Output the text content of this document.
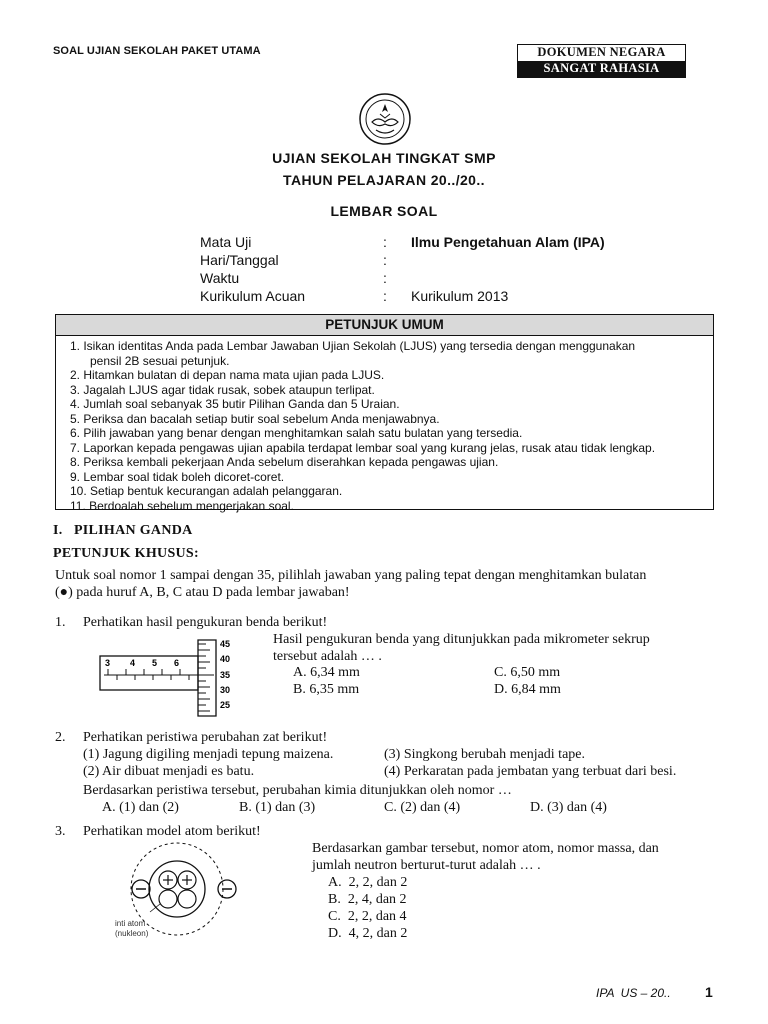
SOAL UJIAN SEKOLAH PAKET UTAMA	DOKUMEN NEGARA
SANGAT RAHASIA
UJIAN SEKOLAH TINGKAT SMP
TAHUN PELAJARAN 20../20..
LEMBAR SOAL
Mata Uji	:	Ilmu Pengetahuan Alam (IPA)
Hari/Tanggal	:
Waktu	:
Kurikulum Acuan	:	Kurikulum 2013
PETUNJUK UMUM
1. Isikan identitas Anda pada Lembar Jawaban Ujian Sekolah (LJUS) yang tersedia dengan menggunakan
pensil 2B sesuai petunjuk.
2. Hitamkan bulatan di depan nama mata ujian pada LJUS.
3. Jagalah LJUS agar tidak rusak, sobek ataupun terlipat.
4. Jumlah soal sebanyak 35 butir Pilihan Ganda dan 5 Uraian.
5. Periksa dan bacalah setiap butir soal sebelum Anda menjawabnya.
6. Pilih jawaban yang benar dengan menghitamkan salah satu bulatan yang tersedia.
7. Laporkan kepada pengawas ujian apabila terdapat lembar soal yang kurang jelas, rusak atau tidak lengkap.
8. Periksa kembali pekerjaan Anda sebelum diserahkan kepada pengawas ujian.
9. Lembar soal tidak boleh dicoret-coret.
10. Setiap bentuk kecurangan adalah pelanggaran.
11. Berdoalah sebelum mengerjakan soal.
I.   PILIHAN GANDA
PETUNJUK KHUSUS:
Untuk soal nomor 1 sampai dengan 35, pilihlah jawaban yang paling tepat dengan menghitamkan bulatan
(●) pada huruf A, B, C atau D pada lembar jawaban!
1. Perhatikan hasil pengukuran benda berikut!
3 4 5 6
45
40
35
30
25
Hasil pengukuran benda yang ditunjukkan pada mikrometer sekrup
tersebut adalah … .
A. 6,34 mm	C. 6,50 mm
B. 6,35 mm	D. 6,84 mm
2. Perhatikan peristiwa perubahan zat berikut!
(1) Jagung digiling menjadi tepung maizena.	(3) Singkong berubah menjadi tape.
(2) Air dibuat menjadi es batu.	(4) Perkaratan pada jembatan yang terbuat dari besi.
Berdasarkan peristiwa tersebut, perubahan kimia ditunjukkan oleh nomor …
A. (1) dan (2)	B. (1) dan (3)	C. (2) dan (4)	D. (3) dan (4)
3. Perhatikan model atom berikut!
inti atom
(nukleon)
Berdasarkan gambar tersebut, nomor atom, nomor massa, dan
jumlah neutron berturut-turut adalah … .
A.  2, 2, dan 2
B.  2, 4, dan 2
C.  2, 2, dan 4
D.  4, 2, dan 2
IPA  US – 20.. 1
